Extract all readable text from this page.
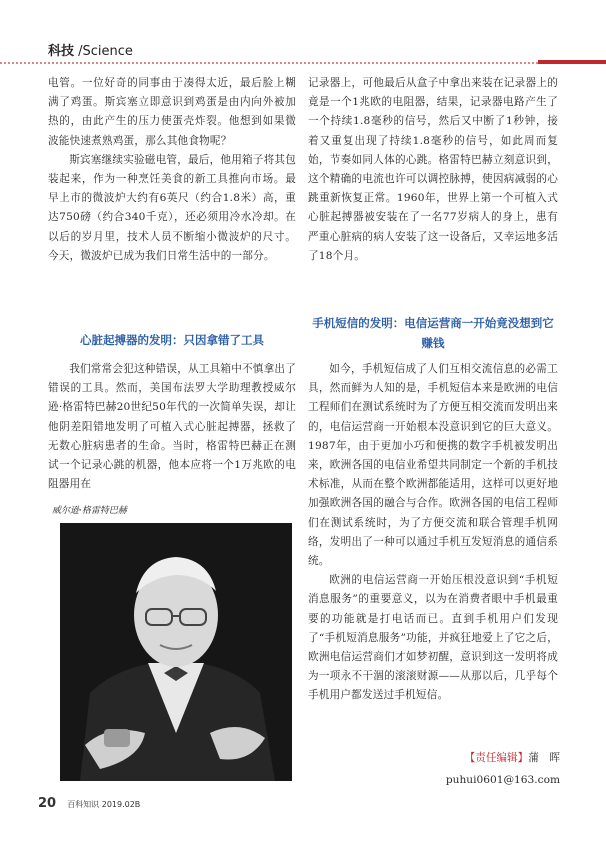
科技 /Science

电管。一位好奇的同事由于凑得太近，最后脸上糊满了鸡蛋。斯宾塞立即意识到鸡蛋是由内向外被加热的，由此产生的压力使蛋壳炸裂。他想到如果微波能快速煮熟鸡蛋，那么其他食物呢？

斯宾塞继续实验磁电管，最后，他用箱子将其包装起来，作为一种烹饪美食的新工具推向市场。最早上市的微波炉大约有6英尺（约合1.8米）高，重达750磅（约合340千克），还必须用冷水冷却。在以后的岁月里，技术人员不断缩小微波炉的尺寸。今天，微波炉已成为我们日常生活中的一部分。

心脏起搏器的发明：只因拿错了工具

我们常常会犯这种错误，从工具箱中不慎拿出了错误的工具。然而，美国布法罗大学助理教授威尔逊·格雷特巴赫20世纪50年代的一次简单失误，却让他阴差阳错地发明了可植入式心脏起搏器，拯救了无数心脏病患者的生命。当时，格雷特巴赫正在测试一个记录心跳的机器，他本应将一个1万兆欧的电阻器用在

威尔逊·格雷特巴赫

记录器上，可他最后从盒子中拿出来装在记录器上的竟是一个1兆欧的电阻器，结果，记录器电路产生了一个持续1.8毫秒的信号，然后又中断了1秒钟，接着又重复出现了持续1.8毫秒的信号，如此周而复始，节奏如同人体的心跳。格雷特巴赫立刻意识到，这个精确的电流也许可以调控脉搏，使因病减弱的心跳重新恢复正常。1960年，世界上第一个可植入式心脏起搏器被安装在了一名77岁病人的身上，患有严重心脏病的病人安装了这一设备后，又幸运地多活了18个月。

手机短信的发明：电信运营商一开始竟没想到它赚钱

如今，手机短信成了人们互相交流信息的必需工具，然而鲜为人知的是，手机短信本来是欧洲的电信工程师们在测试系统时为了方便互相交流而发明出来的，电信运营商一开始根本没意识到它的巨大意义。1987年，由于更加小巧和便携的数字手机被发明出来，欧洲各国的电信业希望共同制定一个新的手机技术标准，从而在整个欧洲都能适用，这样可以更好地加强欧洲各国的融合与合作。欧洲各国的电信工程师们在测试系统时，为了方便交流和联合管理手机网络，发明出了一种可以通过手机互发短消息的通信系统。

欧洲的电信运营商一开始压根没意识到“手机短消息服务”的重要意义，以为在消费者眼中手机最重要的功能就是打电话而已。直到手机用户们发现了“手机短消息服务”功能，并疯狂地爱上了它之后，欧洲电信运营商们才如梦初醒，意识到这一发明将成为一项永不干涸的滚滚财源——从那以后，几乎每个手机用户都发送过手机短信。

【责任编辑】蒲　晖
puhui0601@163.com
20 百科知识 2019.02B
